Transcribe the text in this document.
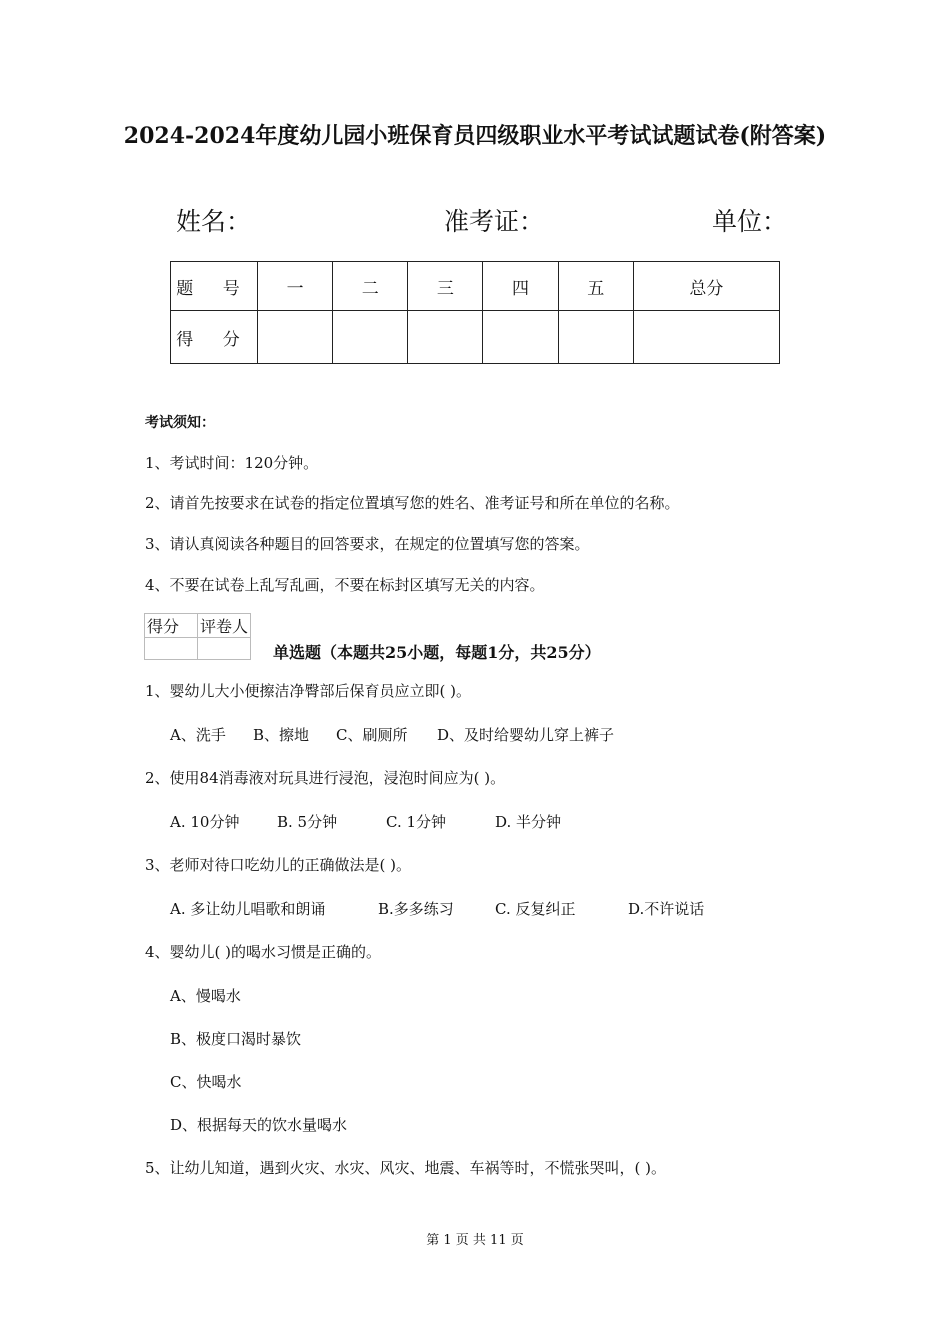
2024-2024年度幼儿园小班保育员四级职业水平考试试题试卷(附答案)
姓名：	准考证：	单位：
题 号	一	二	三	四	五	总分
得 分						
考试须知：
1、考试时间：120分钟。
2、请首先按要求在试卷的指定位置填写您的姓名、准考证号和所在单位的名称。
3、请认真阅读各种题目的回答要求，在规定的位置填写您的答案。
4、不要在试卷上乱写乱画，不要在标封区填写无关的内容。
得分	评卷人

单选题（本题共25小题，每题1分，共25分）
1、婴幼儿大小便擦洁净臀部后保育员应立即( )。
A、洗手 B、擦地 C、刷厕所 D、及时给婴幼儿穿上裤子
2、使用84消毒液对玩具进行浸泡，浸泡时间应为( )。
A. 10分钟	B. 5分钟	C. 1分钟	D. 半分钟
3、老师对待口吃幼儿的正确做法是( )。
A. 多让幼儿唱歌和朗诵	B.多多练习	C. 反复纠正	D.不许说话
4、婴幼儿( )的喝水习惯是正确的。
A、慢喝水
B、极度口渴时暴饮
C、快喝水
D、根据每天的饮水量喝水
5、让幼儿知道，遇到火灾、水灾、风灾、地震、车祸等时，不慌张哭叫，( )。
第 1 页 共 11 页
